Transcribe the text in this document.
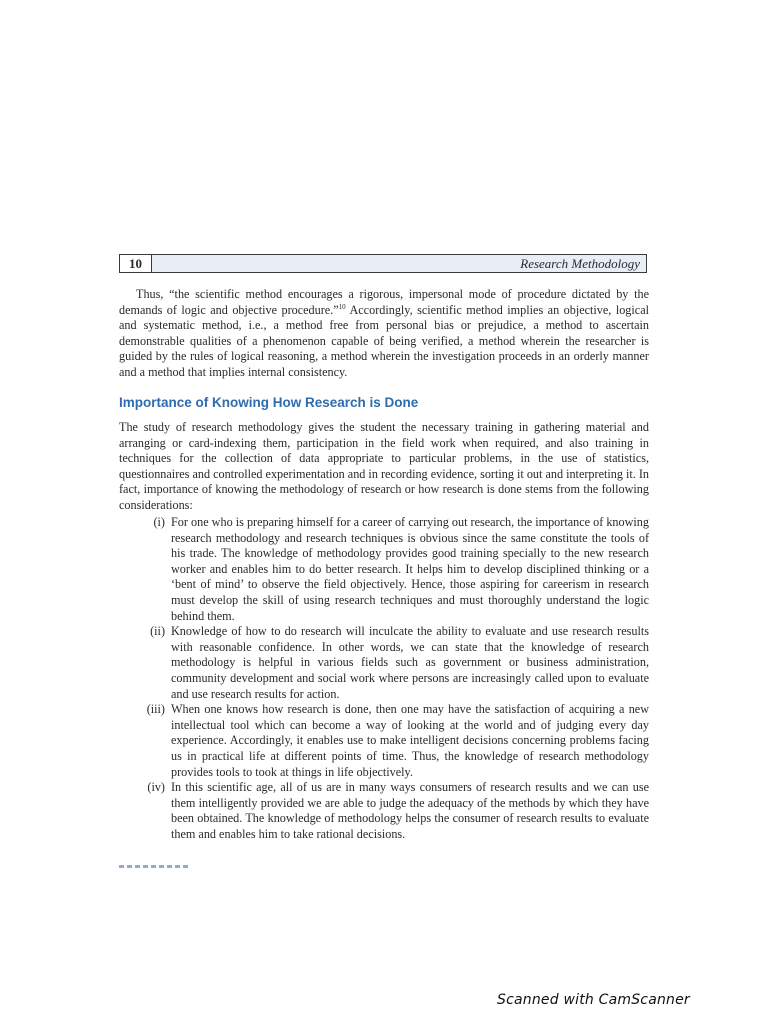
10	Research Methodology

Thus, “the scientific method encourages a rigorous, impersonal mode of procedure dictated by the demands of logic and objective procedure.”$^{10}$ Accordingly, scientific method implies an objective, logical and systematic method, i.e., a method free from personal bias or prejudice, a method to ascertain demonstrable qualities of a phenomenon capable of being verified, a method wherein the researcher is guided by the rules of logical reasoning, a method wherein the investigation proceeds in an orderly manner and a method that implies internal consistency.

Importance of Knowing How Research is Done

The study of research methodology gives the student the necessary training in gathering material and arranging or card-indexing them, participation in the field work when required, and also training in techniques for the collection of data appropriate to particular problems, in the use of statistics, questionnaires and controlled experimentation and in recording evidence, sorting it out and interpreting it. In fact, importance of knowing the methodology of research or how research is done stems from the following considerations:

(i) For one who is preparing himself for a career of carrying out research, the importance of knowing research methodology and research techniques is obvious since the same constitute the tools of his trade. The knowledge of methodology provides good training specially to the new research worker and enables him to do better research. It helps him to develop disciplined thinking or a ‘bent of mind’ to observe the field objectively. Hence, those aspiring for careerism in research must develop the skill of using research techniques and must thoroughly understand the logic behind them.
(ii) Knowledge of how to do research will inculcate the ability to evaluate and use research results with reasonable confidence. In other words, we can state that the knowledge of research methodology is helpful in various fields such as government or business administration, community development and social work where persons are increasingly called upon to evaluate and use research results for action.
(iii) When one knows how research is done, then one may have the satisfaction of acquiring a new intellectual tool which can become a way of looking at the world and of judging every day experience. Accordingly, it enables use to make intelligent decisions concerning problems facing us in practical life at different points of time. Thus, the knowledge of research methodology provides tools to took at things in life objectively.
(iv) In this scientific age, all of us are in many ways consumers of research results and we can use them intelligently provided we are able to judge the adequacy of the methods by which they have been obtained. The knowledge of methodology helps the consumer of research results to evaluate them and enables him to take rational decisions.
Scanned with CamScanner
